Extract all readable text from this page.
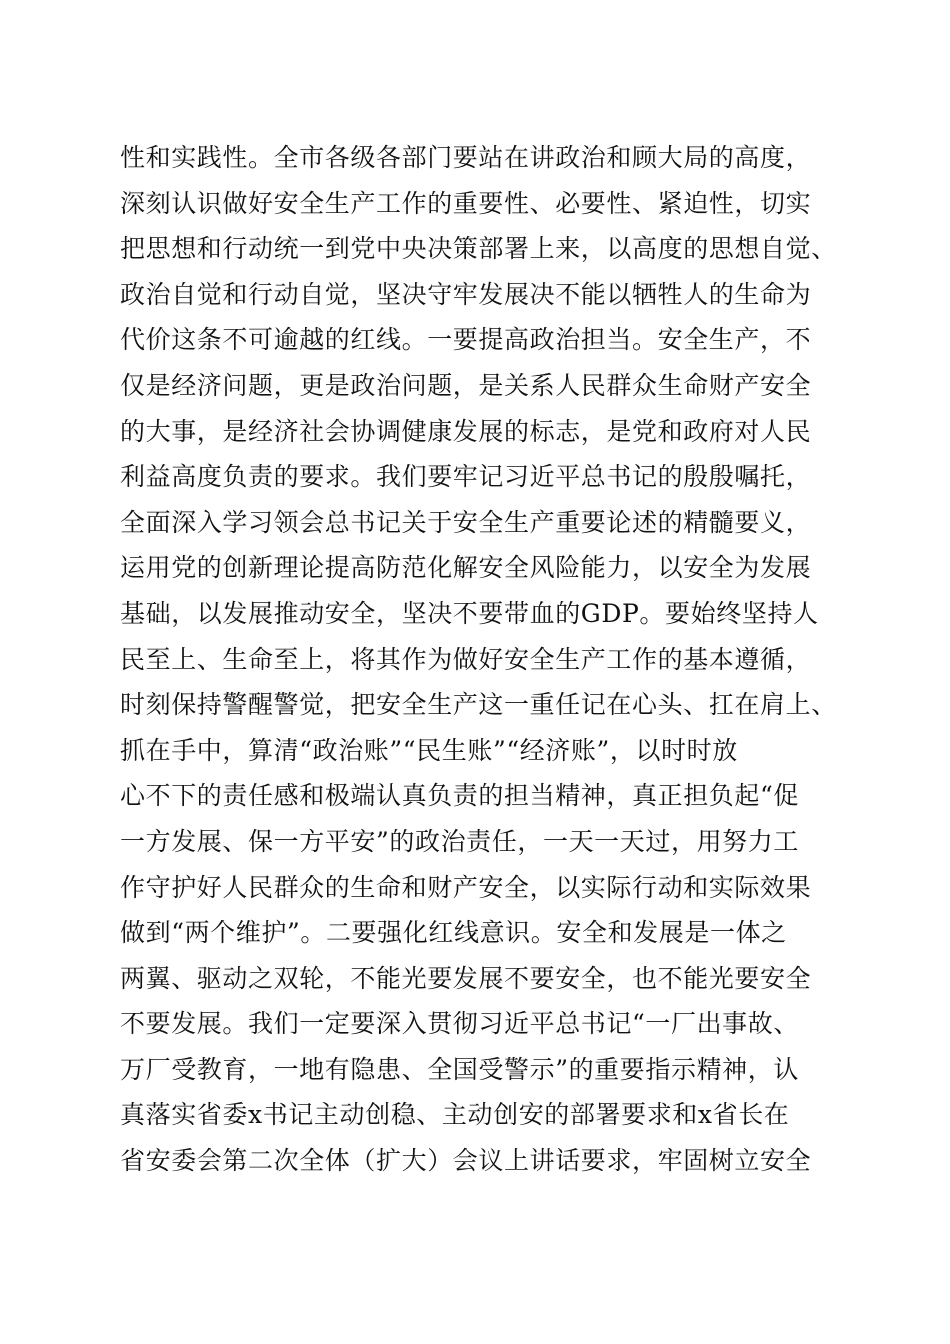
性和实践性。全市各级各部门要站在讲政治和顾大局的高度，
深刻认识做好安全生产工作的重要性、必要性、紧迫性，切实
把思想和行动统一到党中央决策部署上来，以高度的思想自觉、
政治自觉和行动自觉，坚决守牢发展决不能以牺牲人的生命为
代价这条不可逾越的红线。一要提高政治担当。安全生产，不
仅是经济问题，更是政治问题，是关系人民群众生命财产安全
的大事，是经济社会协调健康发展的标志，是党和政府对人民
利益高度负责的要求。我们要牢记习近平总书记的殷殷嘱托，
全面深入学习领会总书记关于安全生产重要论述的精髓要义，
运用党的创新理论提高防范化解安全风险能力，以安全为发展
基础，以发展推动安全，坚决不要带血的GDP。要始终坚持人
民至上、生命至上，将其作为做好安全生产工作的基本遵循，
时刻保持警醒警觉，把安全生产这一重任记在心头、扛在肩上、
抓在手中，算清“政治账”“民生账”“经济账”，以时时放
心不下的责任感和极端认真负责的担当精神，真正担负起“促
一方发展、保一方平安”的政治责任，一天一天过，用努力工
作守护好人民群众的生命和财产安全，以实际行动和实际效果
做到“两个维护”。二要强化红线意识。安全和发展是一体之
两翼、驱动之双轮，不能光要发展不要安全，也不能光要安全
不要发展。我们一定要深入贯彻习近平总书记“一厂出事故、
万厂受教育，一地有隐患、全国受警示”的重要指示精神，认
真落实省委x书记主动创稳、主动创安的部署要求和x省长在
省安委会第二次全体（扩大）会议上讲话要求，牢固树立安全
